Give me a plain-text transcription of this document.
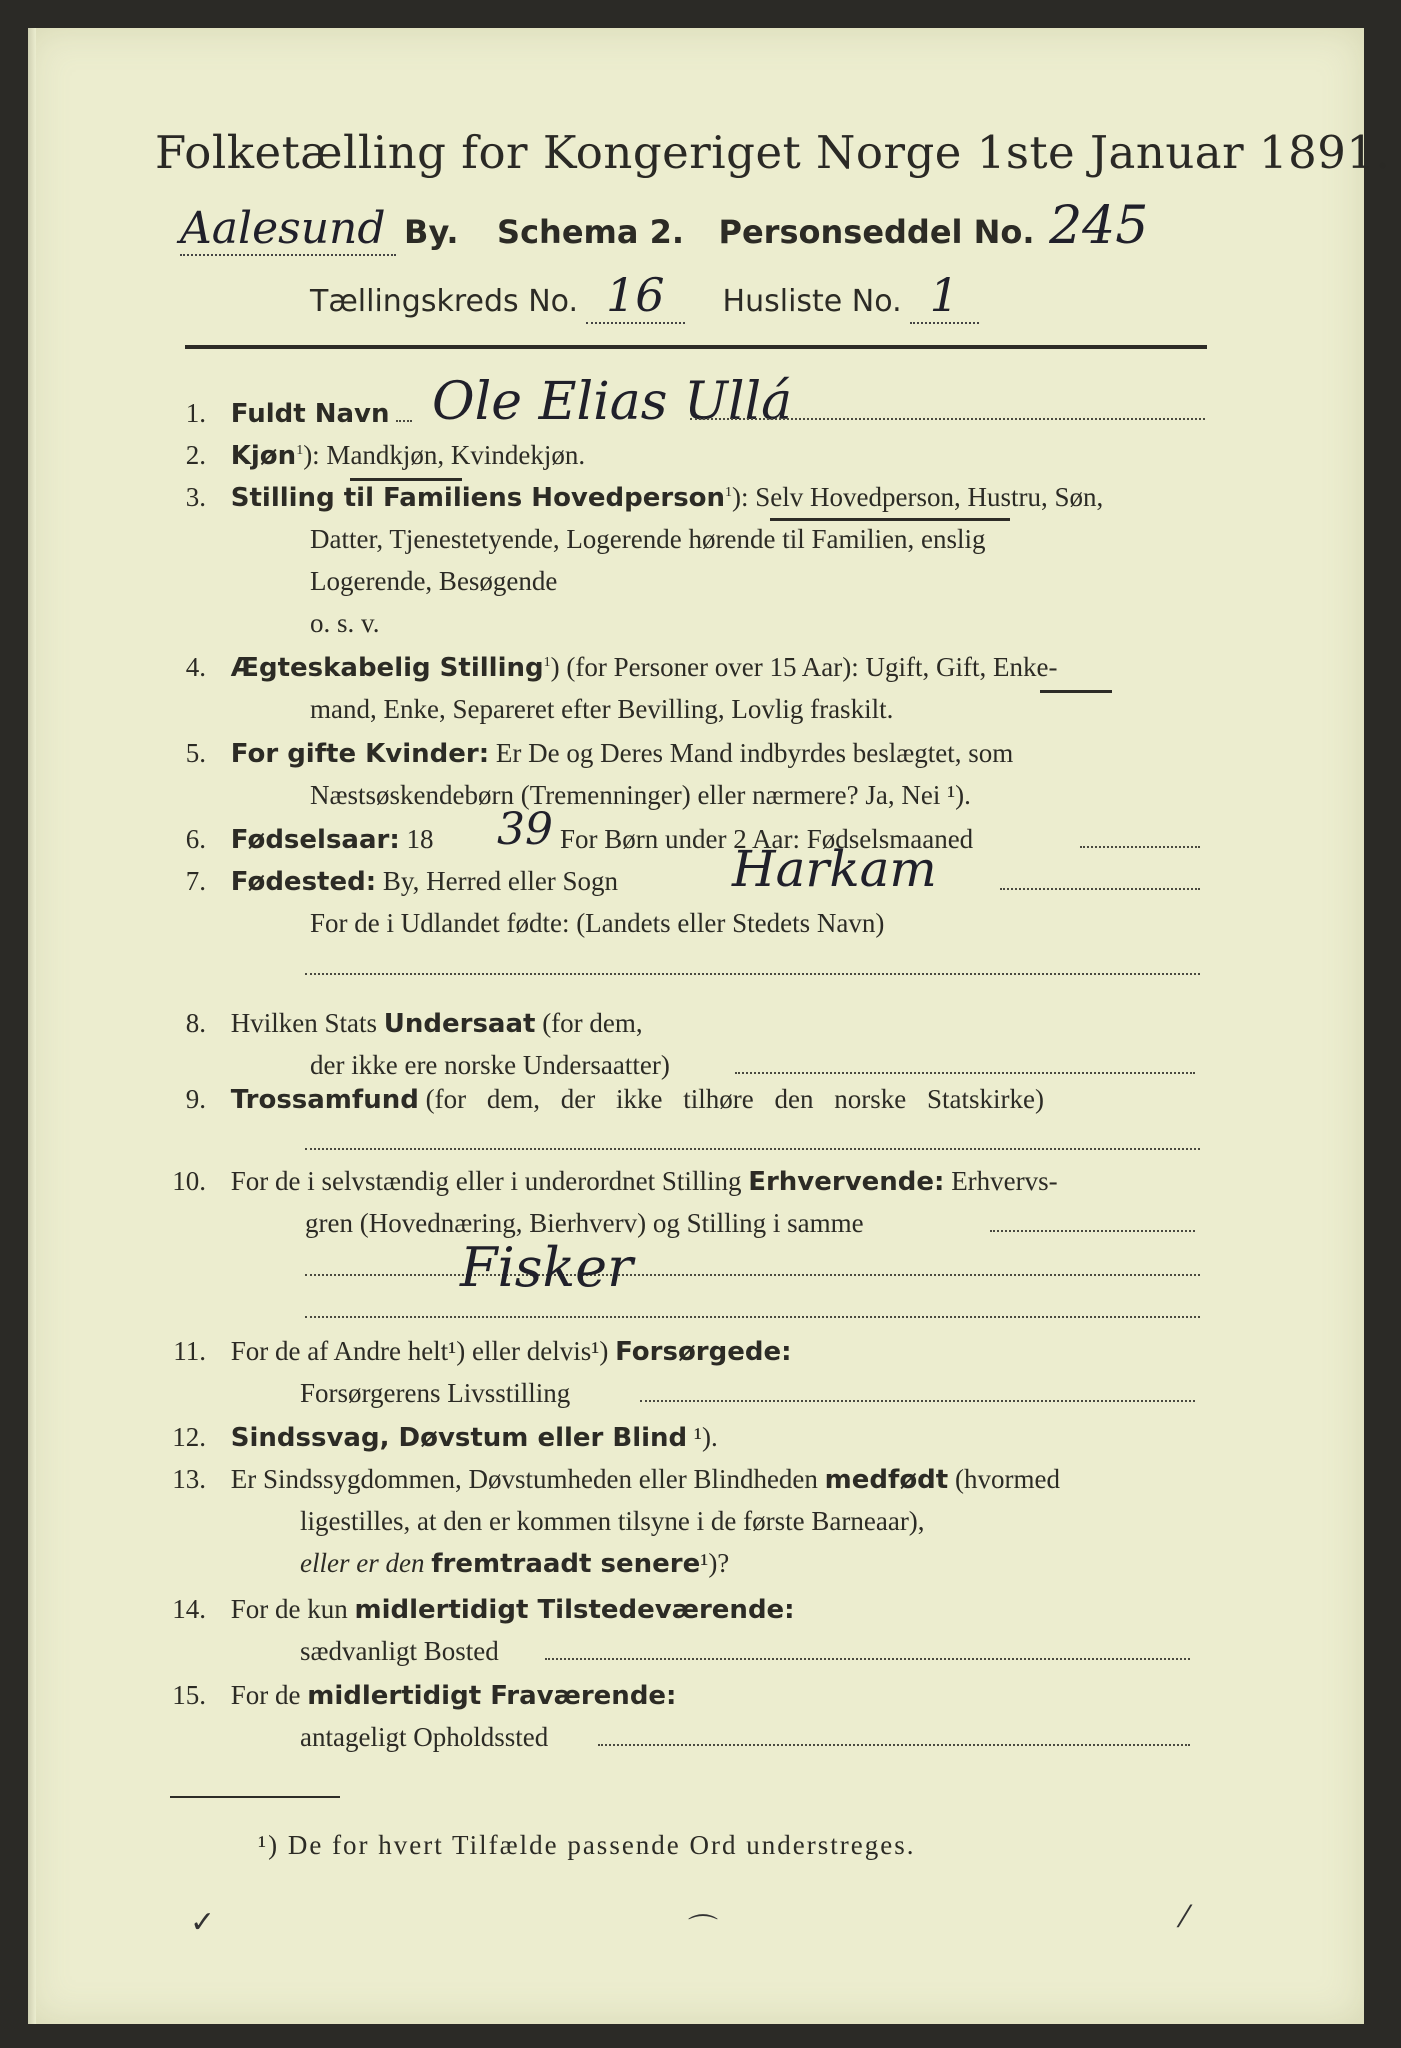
Folketælling for Kongeriget Norge 1ste Januar 1891.
Aalesund By. Schema 2. Personseddel No. 245
Tællingskreds No. 16 Husliste No. 1
1. Fuldt Navn Ole Elias Ullá
2. Kjøn$^1$): Mandkjøn, Kvindekjøn.
3. Stilling til Familiens Hovedperson$^1$): Selv Hovedperson, Hustru, Søn,
Datter, Tjenestetyende, Logerende hørende til Familien, enslig
Logerende, Besøgende
o. s. v.
4. Ægteskabelig Stilling$^1$) (for Personer over 15 Aar): Ugift, Gift, Enke-
mand, Enke, Separeret efter Bevilling, Lovlig fraskilt.
5. For gifte Kvinder: Er De og Deres Mand indbyrdes beslægtet, som
Næstsøskendebørn (Tremenninger) eller nærmere? Ja, Nei ¹).
6. Fødselsaar: 18 39 For Børn under 2 Aar: Fødselsmaaned
7. Fødested: By, Herred eller Sogn Harkam
For de i Udlandet fødte: (Landets eller Stedets Navn)
8. Hvilken Stats Undersaat (for dem,
der ikke ere norske Undersaatter)
9. Trossamfund (for dem, der ikke tilhøre den norske Statskirke)
10. For de i selvstændig eller i underordnet Stilling Erhvervende: Erhvervs-
gren (Hovednæring, Bierhverv) og Stilling i samme
Fisker
11. For de af Andre helt¹) eller delvis¹) Forsørgede:
Forsørgerens Livsstilling
12. Sindssvag, Døvstum eller Blind ¹).
13. Er Sindssygdommen, Døvstumheden eller Blindheden medfødt (hvormed
ligestilles, at den er kommen tilsyne i de første Barneaar),
eller er den fremtraadt senere¹)?
14. For de kun midlertidigt Tilstedeværende:
sædvanligt Bosted
15. For de midlertidigt Fraværende:
antageligt Opholdssted
¹) De for hvert Tilfælde passende Ord understreges.
✓	⌒	⁄
